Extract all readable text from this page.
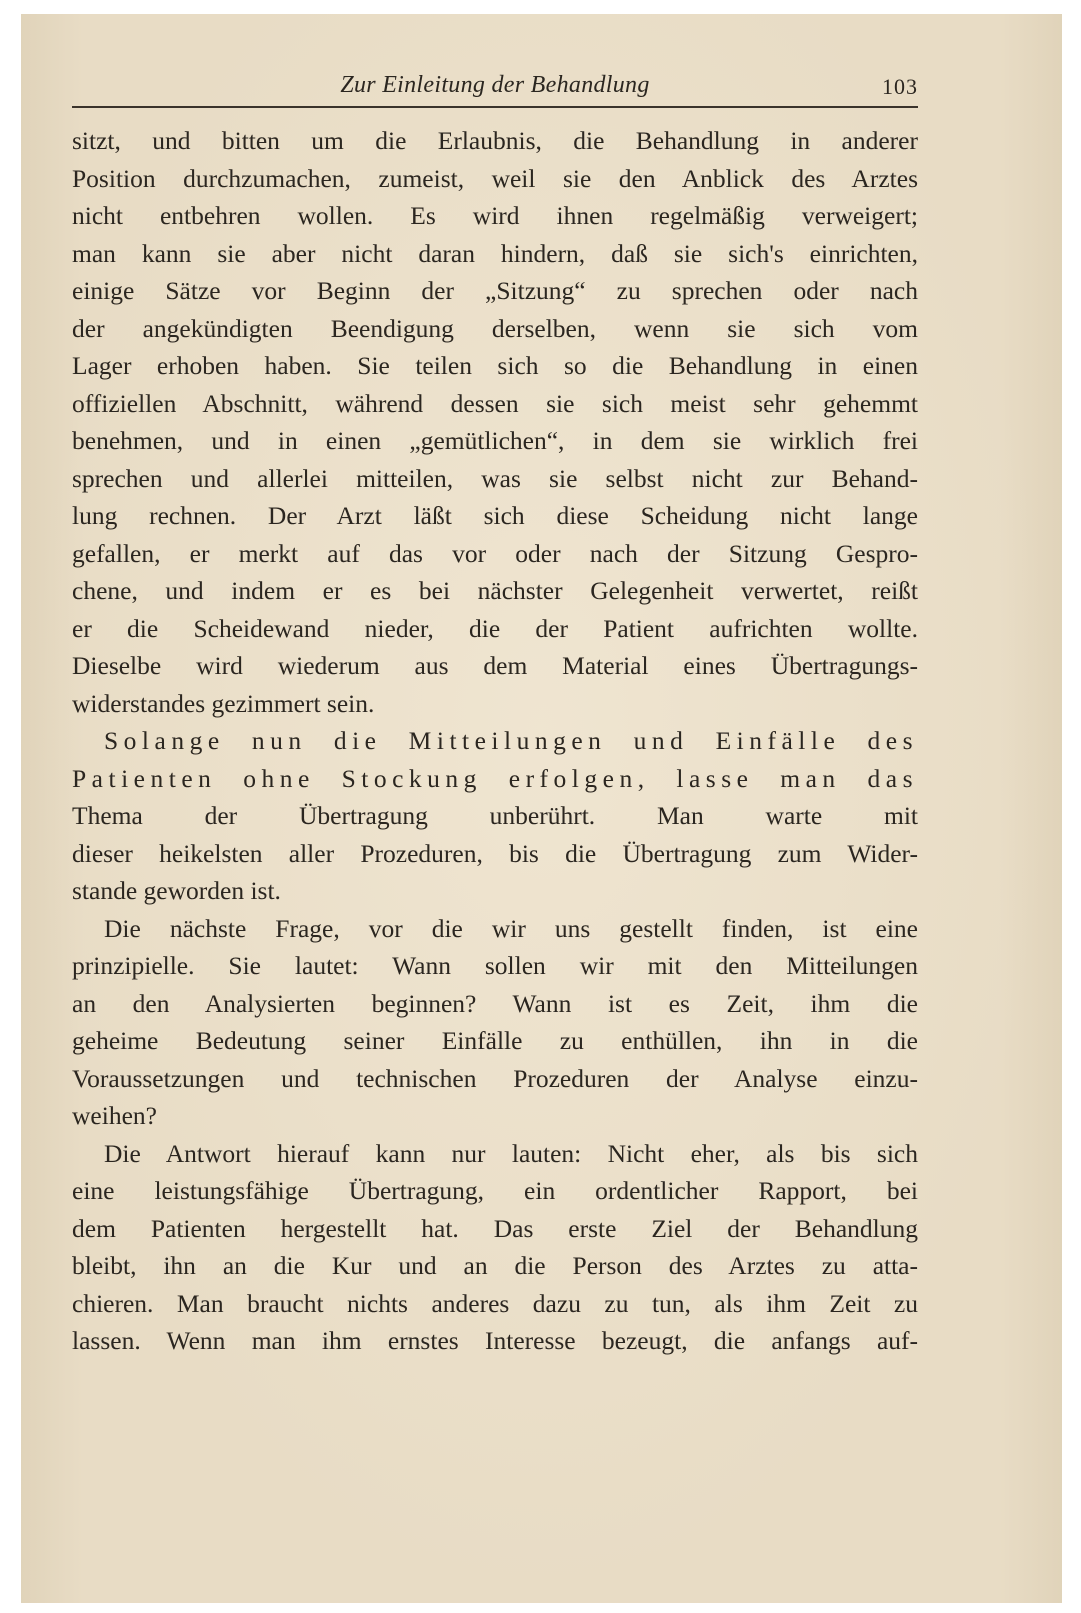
Zur Einleitung der Behandlung	103
sitzt, und bitten um die Erlaubnis, die Behandlung in anderer
Position durchzumachen, zumeist, weil sie den Anblick des Arztes
nicht entbehren wollen. Es wird ihnen regelmäßig verweigert;
man kann sie aber nicht daran hindern, daß sie sich's einrichten,
einige Sätze vor Beginn der „Sitzung“ zu sprechen oder nach
der angekündigten Beendigung derselben, wenn sie sich vom
Lager erhoben haben. Sie teilen sich so die Behandlung in einen
offiziellen Abschnitt, während dessen sie sich meist sehr gehemmt
benehmen, und in einen „gemütlichen“, in dem sie wirklich frei
sprechen und allerlei mitteilen, was sie selbst nicht zur Behand-
lung rechnen. Der Arzt läßt sich diese Scheidung nicht lange
gefallen, er merkt auf das vor oder nach der Sitzung Gespro-
chene, und indem er es bei nächster Gelegenheit verwertet, reißt
er die Scheidewand nieder, die der Patient aufrichten wollte.
Dieselbe wird wiederum aus dem Material eines Übertragungs-
widerstandes gezimmert sein.
Solange nun die Mitteilungen und Einfälle des
Patienten ohne Stockung erfolgen, lasse man das
Thema der Übertragung unberührt. Man warte mit
dieser heikelsten aller Prozeduren, bis die Übertragung zum Wider-
stande geworden ist.
Die nächste Frage, vor die wir uns gestellt finden, ist eine
prinzipielle. Sie lautet: Wann sollen wir mit den Mitteilungen
an den Analysierten beginnen? Wann ist es Zeit, ihm die
geheime Bedeutung seiner Einfälle zu enthüllen, ihn in die
Voraussetzungen und technischen Prozeduren der Analyse einzu-
weihen?
Die Antwort hierauf kann nur lauten: Nicht eher, als bis sich
eine leistungsfähige Übertragung, ein ordentlicher Rapport, bei
dem Patienten hergestellt hat. Das erste Ziel der Behandlung
bleibt, ihn an die Kur und an die Person des Arztes zu atta-
chieren. Man braucht nichts anderes dazu zu tun, als ihm Zeit zu
lassen. Wenn man ihm ernstes Interesse bezeugt, die anfangs auf-
